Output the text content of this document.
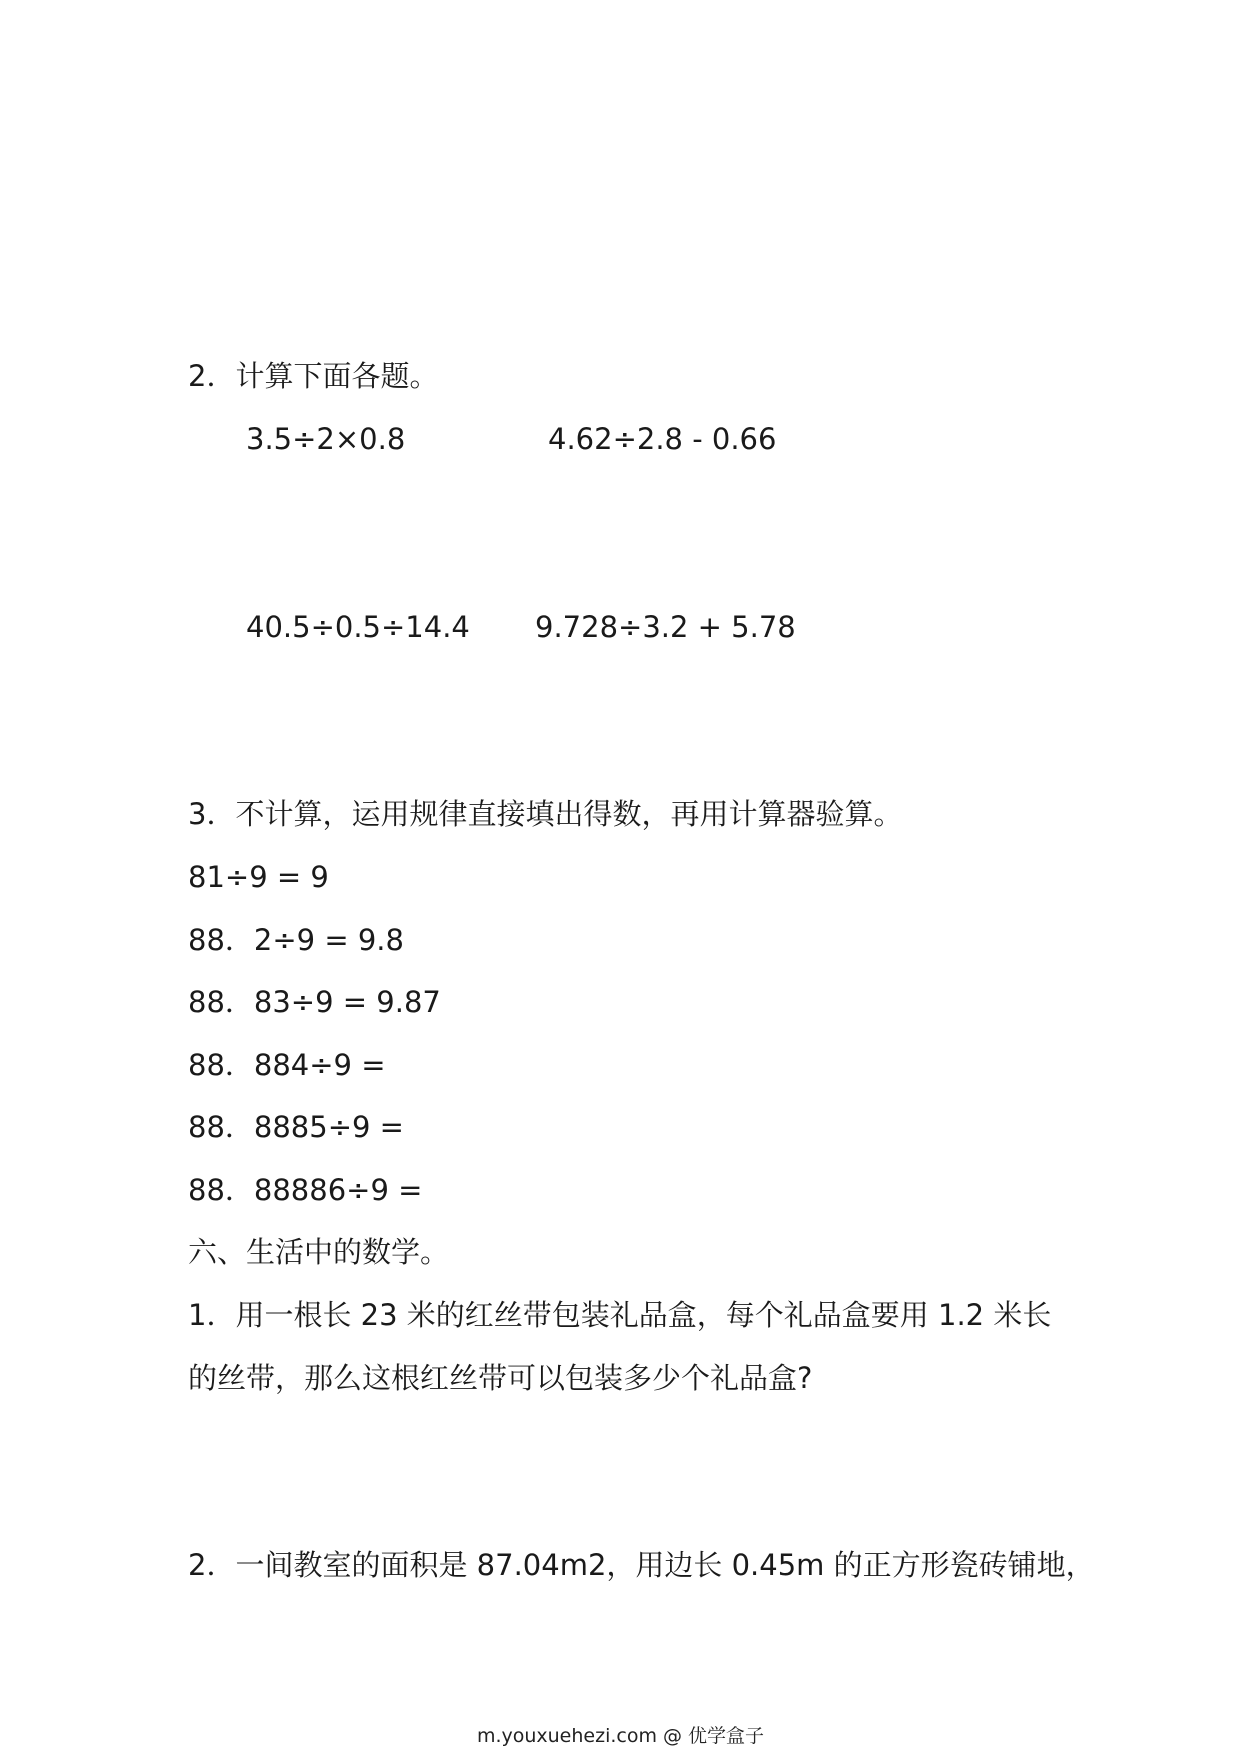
2．计算下面各题。
3.5÷2×0.8	4.62÷2.8 - 0.66
40.5÷0.5÷14.4 9.728÷3.2 + 5.78
3．不计算，运用规律直接填出得数，再用计算器验算。
81÷9 = 9
88．2÷9 = 9.8
88．83÷9 = 9.87
88．884÷9 =
88．8885÷9 =
88．88886÷9 =
六、生活中的数学。
1．用一根长 23 米的红丝带包装礼品盒，每个礼品盒要用 1.2 米长
的丝带，那么这根红丝带可以包装多少个礼品盒?
2．一间教室的面积是 87.04m2，用边长 0.45m 的正方形瓷砖铺地，
m.youxuehezi.com @ 优学盒子
